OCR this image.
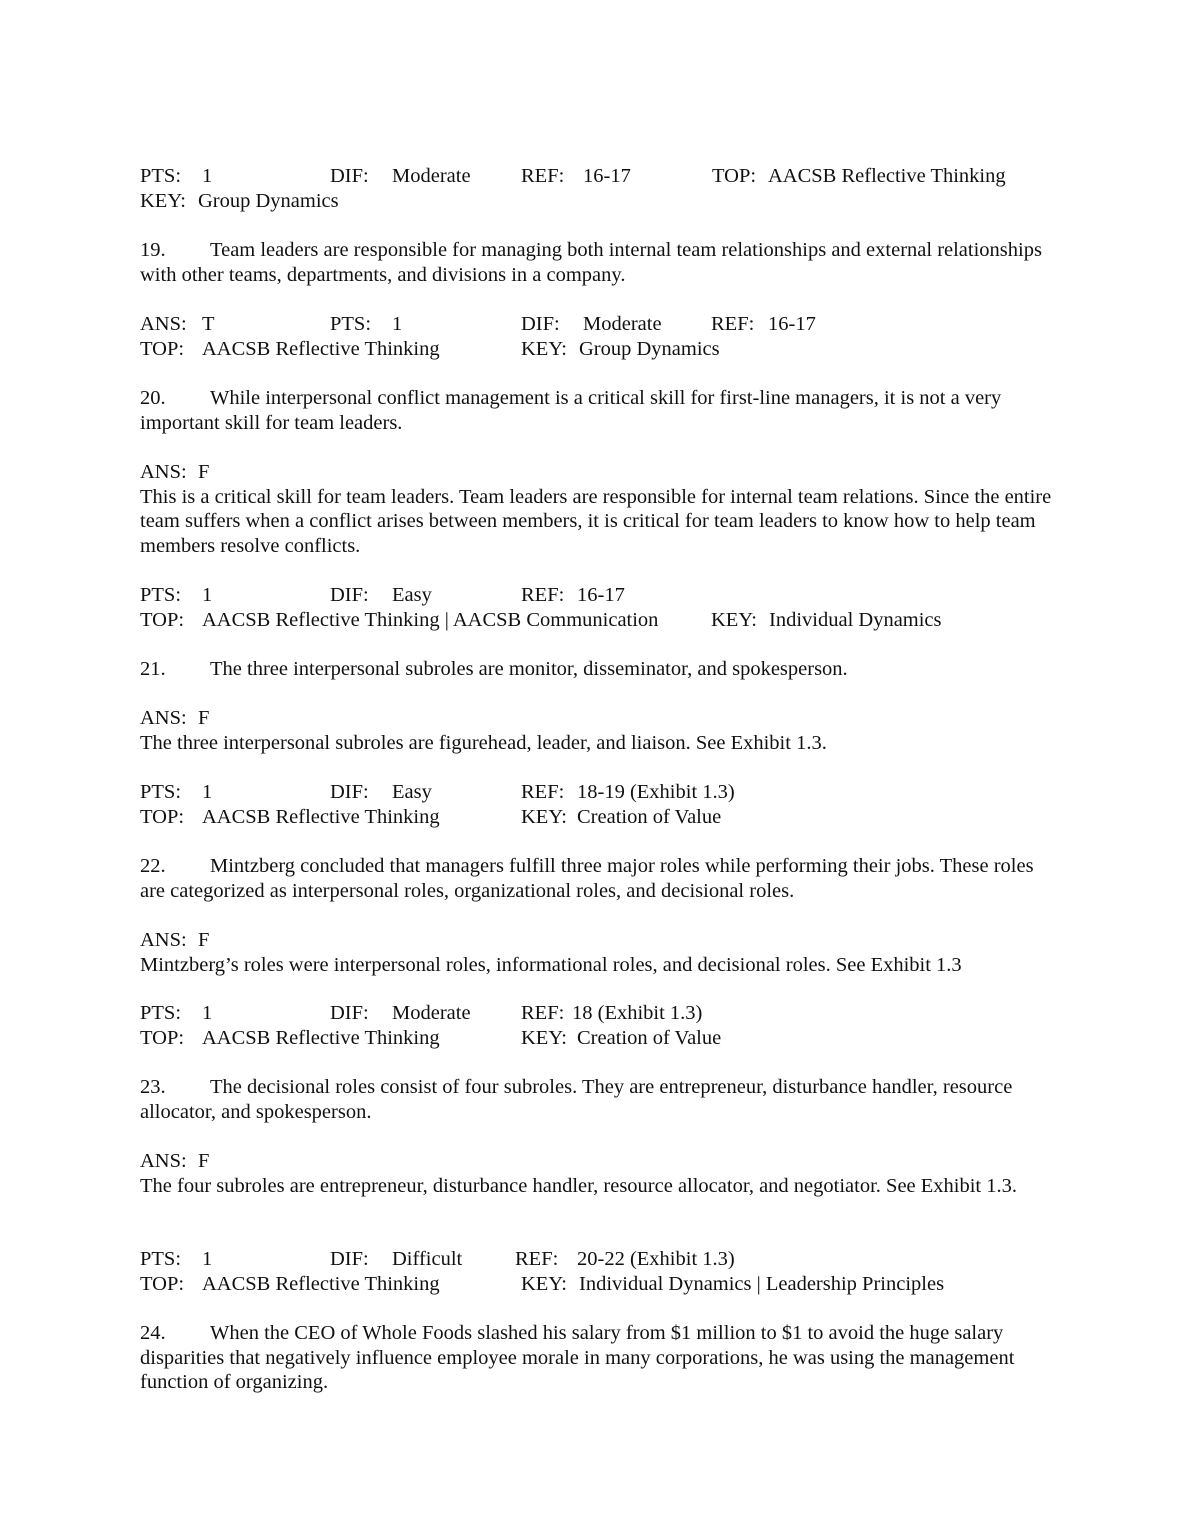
PTS: 1	DIF: Moderate REF: 16-17	TOP: AACSB Reflective Thinking
KEY: Group Dynamics
19.	Team leaders are responsible for managing both internal team relationships and external relationships with other teams, departments, and divisions in a company.

ANS: T	PTS: 1	DIF: Moderate REF: 16-17
TOP: AACSB Reflective Thinking	KEY: Group Dynamics
20.	While interpersonal conflict management is a critical skill for first-line managers, it is not a very important skill for team leaders.

ANS: F

This is a critical skill for team leaders. Team leaders are responsible for internal team relations. Since the entire team suffers when a conflict arises between members, it is critical for team leaders to know how to help team members resolve conflicts.

PTS: 1	DIF: Easy	REF: 16-17
TOP: AACSB Reflective Thinking | AACSB Communication	KEY: Individual Dynamics
21.	The three interpersonal subroles are monitor, disseminator, and spokesperson.

ANS: F

The three interpersonal subroles are figurehead, leader, and liaison. See Exhibit 1.3.

PTS: 1	DIF: Easy	REF: 18-19 (Exhibit 1.3)
TOP: AACSB Reflective Thinking	KEY: Creation of Value
22.	Mintzberg concluded that managers fulfill three major roles while performing their jobs. These roles are categorized as interpersonal roles, organizational roles, and decisional roles.

ANS: F

Mintzberg’s roles were interpersonal roles, informational roles, and decisional roles. See Exhibit 1.3

PTS: 1	DIF: Moderate REF: 18 (Exhibit 1.3)
TOP: AACSB Reflective Thinking	KEY: Creation of Value
23.	The decisional roles consist of four subroles. They are entrepreneur, disturbance handler, resource allocator, and spokesperson.

ANS: F

The four subroles are entrepreneur, disturbance handler, resource allocator, and negotiator. See Exhibit 1.3.

PTS: 1	DIF: Difficult	REF: 20-22 (Exhibit 1.3)
TOP: AACSB Reflective Thinking	KEY: Individual Dynamics | Leadership Principles
24.	When the CEO of Whole Foods slashed his salary from $1 million to $1 to avoid the huge salary disparities that negatively influence employee morale in many corporations, he was using the management function of organizing.
